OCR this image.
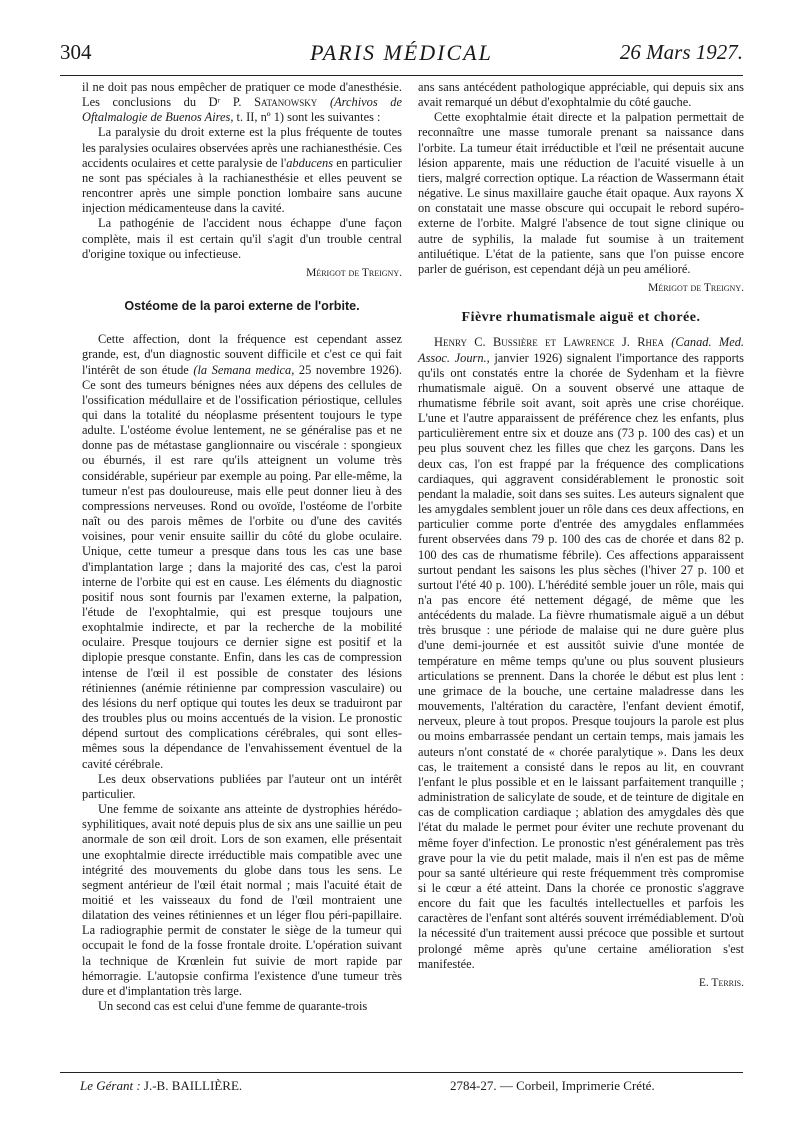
304	PARIS MÉDICAL	26 Mars 1927.

il ne doit pas nous empêcher de pratiquer ce mode d'anesthésie. Les conclusions du Dʳ P. Satanowsky (Archivos de Oftalmalogie de Buenos Aires, t. II, nº 1) sont les suivantes :

La paralysie du droit externe est la plus fréquente de toutes les paralysies oculaires observées après une rachianesthésie. Ces accidents oculaires et cette paralysie de l'abducens en particulier ne sont pas spéciales à la rachianesthésie et elles peuvent se rencontrer après une simple ponction lombaire sans aucune injection médicamenteuse dans la cavité.

La pathogénie de l'accident nous échappe d'une façon complète, mais il est certain qu'il s'agit d'un trouble central d'origine toxique ou infectieuse.

Mérigot de Treigny.

Ostéome de la paroi externe de l'orbite.

Cette affection, dont la fréquence est cependant assez grande, est, d'un diagnostic souvent difficile et c'est ce qui fait l'intérêt de son étude (la Semana medica, 25 novembre 1926). Ce sont des tumeurs bénignes nées aux dépens des cellules de l'ossification médullaire et de l'ossification périostique, cellules qui dans la totalité du néoplasme présentent toujours le type adulte. L'ostéome évolue lentement, ne se généralise pas et ne donne pas de métastase ganglionnaire ou viscérale : spongieux ou éburnés, il est rare qu'ils atteignent un volume très considérable, supérieur par exemple au poing. Par elle-même, la tumeur n'est pas douloureuse, mais elle peut donner lieu à des compressions nerveuses. Rond ou ovoïde, l'ostéome de l'orbite naît ou des parois mêmes de l'orbite ou d'une des cavités voisines, pour venir ensuite saillir du côté du globe oculaire. Unique, cette tumeur a presque dans tous les cas une base d'implantation large ; dans la majorité des cas, c'est la paroi interne de l'orbite qui est en cause. Les éléments du diagnostic positif nous sont fournis par l'examen externe, la palpation, l'étude de l'exophtalmie, qui est presque toujours une exophtalmie indirecte, et par la recherche de la mobilité oculaire. Presque toujours ce dernier signe est positif et la diplopie presque constante. Enfin, dans les cas de compression intense de l'œil il est possible de constater des lésions rétiniennes (anémie rétinienne par compression vasculaire) ou des lésions du nerf optique qui toutes les deux se traduiront par des troubles plus ou moins accentués de la vision. Le pronostic dépend surtout des complications cérébrales, qui sont elles-mêmes sous la dépendance de l'envahissement éventuel de la cavité cérébrale.

Les deux observations publiées par l'auteur ont un intérêt particulier.

Une femme de soixante ans atteinte de dystrophies hérédo-syphilitiques, avait noté depuis plus de six ans une saillie un peu anormale de son œil droit. Lors de son examen, elle présentait une exophtalmie directe irréductible mais compatible avec une intégrité des mouvements du globe dans tous les sens. Le segment antérieur de l'œil était normal ; mais l'acuité était de moitié et les vaisseaux du fond de l'œil montraient une dilatation des veines rétiniennes et un léger flou péri-papillaire. La radiographie permit de constater le siège de la tumeur qui occupait le fond de la fosse frontale droite. L'opération suivant la technique de Krœnlein fut suivie de mort rapide par hémorragie. L'autopsie confirma l'existence d'une tumeur très dure et d'implantation très large.

Un second cas est celui d'une femme de quarante-trois

ans sans antécédent pathologique appréciable, qui depuis six ans avait remarqué un début d'exophtalmie du côté gauche.

Cette exophtalmie était directe et la palpation permettait de reconnaître une masse tumorale prenant sa naissance dans l'orbite. La tumeur était irréductible et l'œil ne présentait aucune lésion apparente, mais une réduction de l'acuité visuelle à un tiers, malgré correction optique. La réaction de Wassermann était négative. Le sinus maxillaire gauche était opaque. Aux rayons X on constatait une masse obscure qui occupait le rebord supéro-externe de l'orbite. Malgré l'absence de tout signe clinique ou autre de syphilis, la malade fut soumise à un traitement antiluétique. L'état de la patiente, sans que l'on puisse encore parler de guérison, est cependant déjà un peu amélioré.

Mérigot de Treigny.

Fièvre rhumatismale aiguë et chorée.

Henry C. Bussière et Lawrence J. Rhea (Canad. Med. Assoc. Journ., janvier 1926) signalent l'importance des rapports qu'ils ont constatés entre la chorée de Sydenham et la fièvre rhumatismale aiguë. On a souvent observé une attaque de rhumatisme fébrile soit avant, soit après une crise choréique. L'une et l'autre apparaissent de préférence chez les enfants, plus particulièrement entre six et douze ans (73 p. 100 des cas) et un peu plus souvent chez les filles que chez les garçons. Dans les deux cas, l'on est frappé par la fréquence des complications cardiaques, qui aggravent considérablement le pronostic soit pendant la maladie, soit dans ses suites. Les auteurs signalent que les amygdales semblent jouer un rôle dans ces deux affections, en particulier comme porte d'entrée des amygdales enflammées furent observées dans 79 p. 100 des cas de chorée et dans 82 p. 100 des cas de rhumatisme fébrile). Ces affections apparaissent surtout pendant les saisons les plus sèches (l'hiver 27 p. 100 et surtout l'été 40 p. 100). L'hérédité semble jouer un rôle, mais qui n'a pas encore été nettement dégagé, de même que les antécédents du malade. La fièvre rhumatismale aiguë a un début très brusque : une période de malaise qui ne dure guère plus d'une demi-journée et est aussitôt suivie d'une montée de température en même temps qu'une ou plus souvent plusieurs articulations se prennent. Dans la chorée le début est plus lent : une grimace de la bouche, une certaine maladresse dans les mouvements, l'altération du caractère, l'enfant devient émotif, nerveux, pleure à tout propos. Presque toujours la parole est plus ou moins embarrassée pendant un certain temps, mais jamais les auteurs n'ont constaté de « chorée paralytique ». Dans les deux cas, le traitement a consisté dans le repos au lit, en couvrant l'enfant le plus possible et en le laissant parfaitement tranquille ; administration de salicylate de soude, et de teinture de digitale en cas de complication cardiaque ; ablation des amygdales dès que l'état du malade le permet pour éviter une rechute provenant du même foyer d'infection. Le pronostic n'est généralement pas très grave pour la vie du petit malade, mais il n'en est pas de même pour sa santé ultérieure qui reste fréquemment très compromise si le cœur a été atteint. Dans la chorée ce pronostic s'aggrave encore du fait que les facultés intellectuelles et parfois les caractères de l'enfant sont altérés souvent irrémédiablement. D'où la nécessité d'un traitement aussi précoce que possible et surtout prolongé même après qu'une certaine amélioration s'est manifestée.

E. Terris.

Le Gérant : J.-B. BAILLIÈRE.	2784-27. — Corbeil, Imprimerie Crété.
